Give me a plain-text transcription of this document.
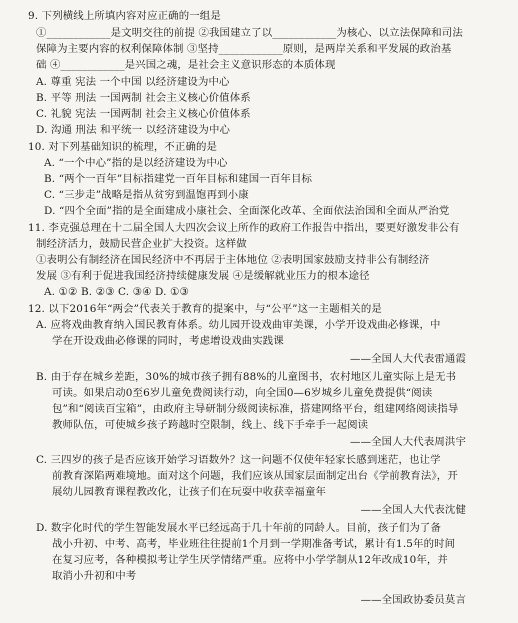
9. 下列横线上所填内容对应正确的一组是
①____________是文明交往的前提 ②我国建立了以____________为核心、以立法保障和司法
保障为主要内容的权利保障体制 ③坚持____________原则，是两岸关系和平发展的政治基
础 ④____________是兴国之魂，是社会主义意识形态的本质体现
A. 尊重 宪法 一个中国 以经济建设为中心
B. 平等 刑法 一国两制 社会主义核心价值体系
C. 礼貌 宪法 一国两制 社会主义核心价值体系
D. 沟通 刑法 和平统一 以经济建设为中心
10. 对下列基础知识的梳理，不正确的是
A. “一个中心”指的是以经济建设为中心
B. “两个一百年”目标指建党一百年目标和建国一百年目标
C. “三步走”战略是指从贫穷到温饱再到小康
D. “四个全面”指的是全面建成小康社会、全面深化改革、全面依法治国和全面从严治党
11. 李克强总理在十二届全国人大四次会议上所作的政府工作报告中指出，要更好激发非公有
制经济活力，鼓励民营企业扩大投资。这样做
①表明公有制经济在国民经济中不再居于主体地位 ②表明国家鼓励支持非公有制经济
发展 ③有利于促进我国经济持续健康发展 ④是缓解就业压力的根本途径
A. ①② B. ②③ C. ③④ D. ①③
12. 以下2016年“两会”代表关于教育的提案中，与“公平”这一主题相关的是
A. 应将戏曲教育纳入国民教育体系。幼儿园开设戏曲审美课，小学开设戏曲必修课，中
学在开设戏曲必修课的同时，考虑增设戏曲实践课
——全国人大代表雷通霞
B. 由于存在城乡差距，30%的城市孩子拥有88%的儿童图书，农村地区儿童实际上是无书
可读。如果启动0至6岁儿童免费阅读行动，向全国0—6岁城乡儿童免费提供“阅读
包”和“阅读百宝箱”，由政府主导研制分级阅读标准，搭建网络平台，组建网络阅读指导
教师队伍，可使城乡孩子跨越时空限制，线上、线下手牵手一起阅读
——全国人大代表周洪宇
C. 三四岁的孩子是否应该开始学习语数外？这一问题不仅使年轻家长感到迷茫，也让学
前教育深陷两难境地。面对这个问题，我们应该从国家层面制定出台《学前教育法》，开
展幼儿园教育课程教改化，让孩子们在玩耍中收获幸福童年
——全国人大代表沈健
D. 数字化时代的学生智能发展水平已经远高于几十年前的同龄人。目前，孩子们为了备
战小升初、中考、高考，毕业班往往提前1个月到一学期准备考试，累计有1.5年的时间
在复习应考，各种模拟考让学生厌学情绪严重。应将中小学学制从12年改成10年，并
取消小升初和中考
——全国政协委员莫言
